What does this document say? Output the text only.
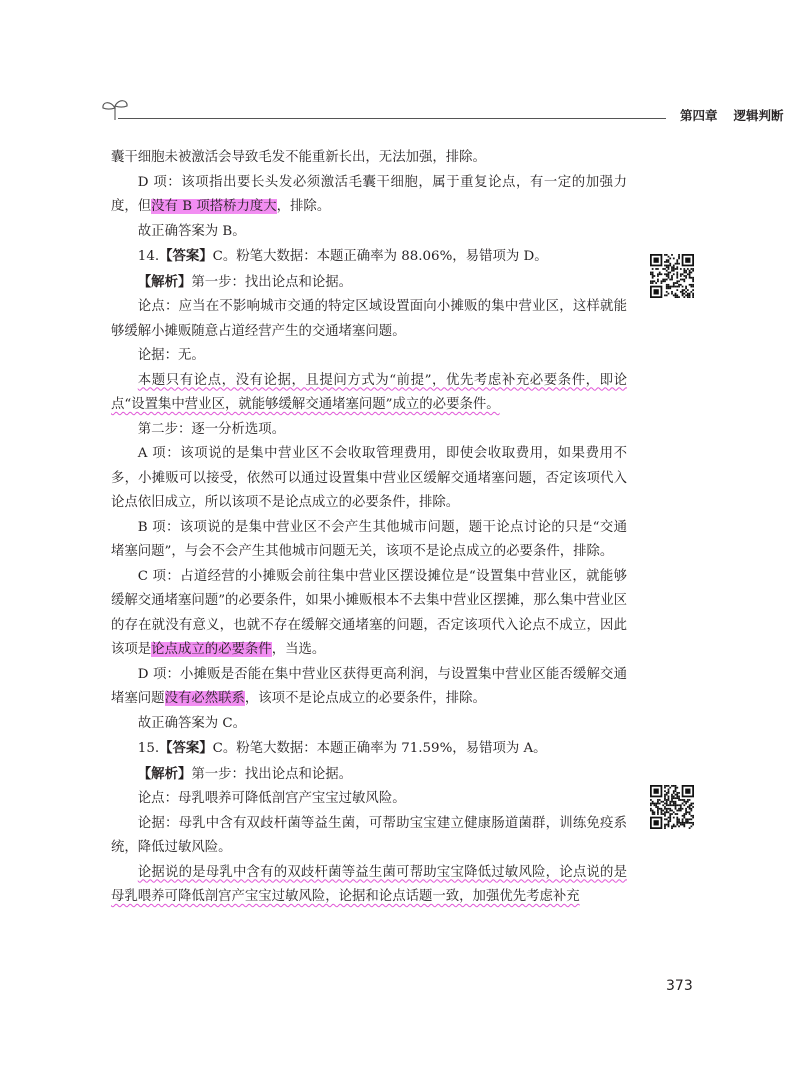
第四章 逻辑判断

囊干细胞未被激活会导致毛发不能重新长出，无法加强，排除。

D 项：该项指出要长头发必须激活毛囊干细胞，属于重复论点，有一定的加强力度，但没有 B 项搭桥力度大，排除。

故正确答案为 B。

14.【答案】C。粉笔大数据：本题正确率为 88.06%，易错项为 D。

【解析】第一步：找出论点和论据。

论点：应当在不影响城市交通的特定区域设置面向小摊贩的集中营业区，这样就能够缓解小摊贩随意占道经营产生的交通堵塞问题。

论据：无。

本题只有论点，没有论据，且提问方式为“前提”，优先考虑补充必要条件，即论点“设置集中营业区，就能够缓解交通堵塞问题”成立的必要条件。

第二步：逐一分析选项。

A 项：该项说的是集中营业区不会收取管理费用，即使会收取费用，如果费用不多，小摊贩可以接受，依然可以通过设置集中营业区缓解交通堵塞问题，否定该项代入论点依旧成立，所以该项不是论点成立的必要条件，排除。

B 项：该项说的是集中营业区不会产生其他城市问题，题干论点讨论的只是“交通堵塞问题”，与会不会产生其他城市问题无关，该项不是论点成立的必要条件，排除。

C 项：占道经营的小摊贩会前往集中营业区摆设摊位是“设置集中营业区，就能够缓解交通堵塞问题”的必要条件，如果小摊贩根本不去集中营业区摆摊，那么集中营业区的存在就没有意义，也就不存在缓解交通堵塞的问题，否定该项代入论点不成立，因此该项是论点成立的必要条件，当选。

D 项：小摊贩是否能在集中营业区获得更高利润，与设置集中营业区能否缓解交通堵塞问题没有必然联系，该项不是论点成立的必要条件，排除。

故正确答案为 C。

15.【答案】C。粉笔大数据：本题正确率为 71.59%，易错项为 A。

【解析】第一步：找出论点和论据。

论点：母乳喂养可降低剖宫产宝宝过敏风险。

论据：母乳中含有双歧杆菌等益生菌，可帮助宝宝建立健康肠道菌群，训练免疫系统，降低过敏风险。

论据说的是母乳中含有的双歧杆菌等益生菌可帮助宝宝降低过敏风险，论点说的是母乳喂养可降低剖宫产宝宝过敏风险，论据和论点话题一致，加强优先考虑补充

373
